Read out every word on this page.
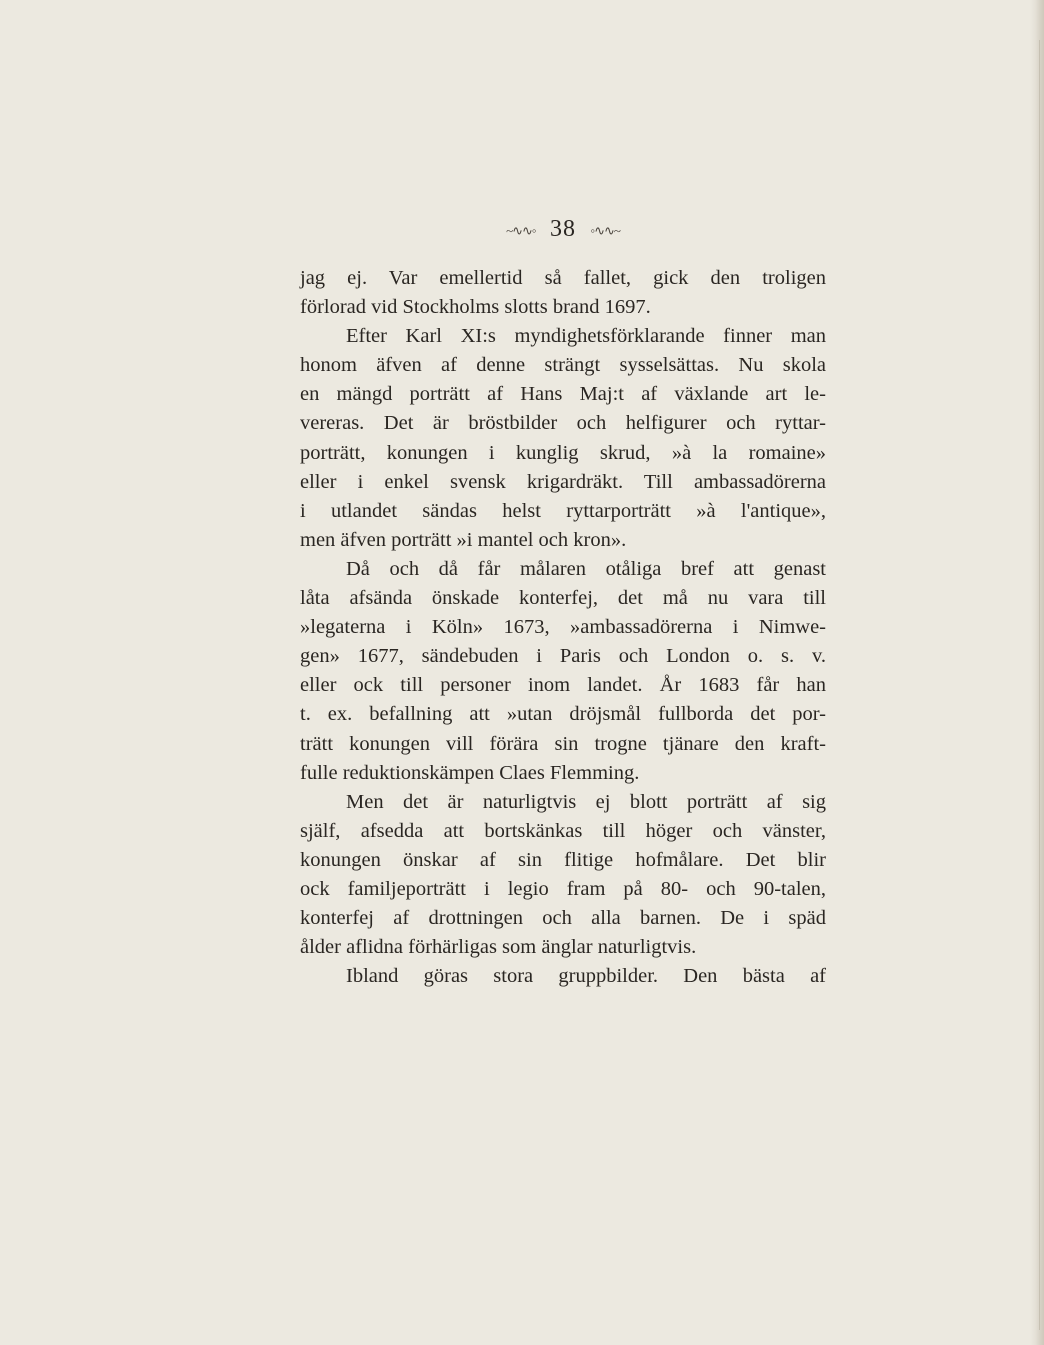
~∿∿◦ 38 ◦∿∿~
jag ej. Var emellertid så fallet, gick den troligen
förlorad vid Stockholms slotts brand 1697.
Efter Karl XI:s myndighetsförklarande finner man
honom äfven af denne strängt sysselsättas. Nu skola
en mängd porträtt af Hans Maj:t af växlande art le-
vereras. Det är bröstbilder och helfigurer och ryttar-
porträtt, konungen i kunglig skrud, »à la romaine»
eller i enkel svensk krigardräkt. Till ambassadörerna
i utlandet sändas helst ryttarporträtt »à l'antique»,
men äfven porträtt »i mantel och kron».
Då och då får målaren otåliga bref att genast
låta afsända önskade konterfej, det må nu vara till
»legaterna i Köln» 1673, »ambassadörerna i Nimwe-
gen» 1677, sändebuden i Paris och London o. s. v.
eller ock till personer inom landet. År 1683 får han
t. ex. befallning att »utan dröjsmål fullborda det por-
trätt konungen vill förära sin trogne tjänare den kraft-
fulle reduktionskämpen Claes Flemming.
Men det är naturligtvis ej blott porträtt af sig
själf, afsedda att bortskänkas till höger och vänster,
konungen önskar af sin flitige hofmålare. Det blir
ock familjeporträtt i legio fram på 80- och 90-talen,
konterfej af drottningen och alla barnen. De i späd
ålder aflidna förhärligas som änglar naturligtvis.
Ibland göras stora gruppbilder. Den bästa af
